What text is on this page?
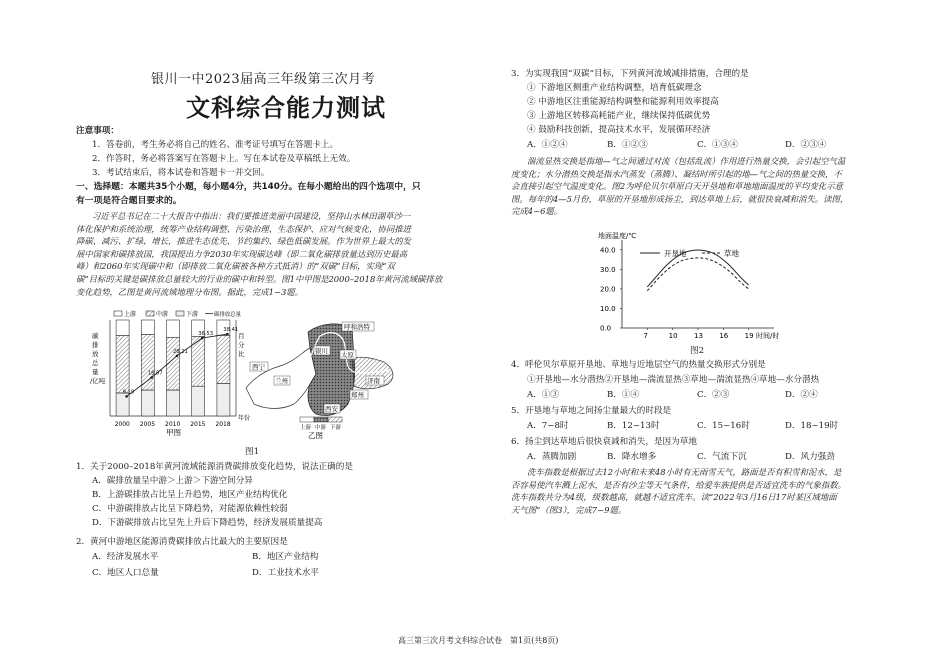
银川一中2023届高三年级第三次月考
文科综合能力测试
注意事项：
1．答卷前，考生务必将自己的姓名、准考证号填写在答题卡上。
2．作答时，务必将答案写在答题卡上。写在本试卷及草稿纸上无效。
3．考试结束后，将本试卷和答题卡一并交回。
一、选择题：本题共35个小题，每小题4分，共140分。在每小题给出的四个选项中，只
有一项是符合题目要求的。
习近平总书记在二十大报告中指出：我们要推进美丽中国建设，坚持山水林田湖草沙一
体化保护和系统治理，统筹产业结构调整、污染治理、生态保护、应对气候变化，协同推进
降碳、减污、扩绿、增长，推进生态优先、节约集约、绿色低碳发展。作为世界上最大的发
展中国家和碳排放国，我国提出力争2030年实现碳达峰（即二氧化碳排放量达到历史最高
峰）和2060年实现碳中和（即排放二氧化碳被各种方式抵消）的“双碳”目标，实现“双
碳”目标的关键是碳排放总量较大的行业的碳中和转型。图1中甲图是2000–2018年黄河流域碳排放
变化趋势，乙图是黄河流域地理分布图。据此，完成1~3题。
上游	中游	下游	碳排放总量
碳排放总量/亿吨
百分比
2000 2005 2010 2015 2018
9.19
18.07
28.21
36.53
38.41
年份
甲图
呼和浩特
银川 太原
西宁
兰州	济南
郑州
西安
上游 中游 下游
乙图
图1
1．关于2000–2018年黄河流域能源消费碳排放变化趋势，说法正确的是
A．碳排放量呈中游＞上游＞下游空间分异
B．上游碳排放占比呈上升趋势，地区产业结构优化
C．中游碳排放占比呈下降趋势，对能源依赖性较弱
D．下游碳排放占比呈先上升后下降趋势，经济发展质量提高
2．黄河中游地区能源消费碳排放占比最大的主要原因是
A．经济发展水平	B．地区产业结构
C．地区人口总量	D．工业技术水平
3．为实现我国“双碳”目标，下列黄河流域减排措施，合理的是
① 下游地区侧重产业结构调整，培育低碳理念
② 中游地区注重能源结构调整和能源利用效率提高
③ 上游地区转移高耗能产业，继续保持低碳优势
④ 鼓励科技创新，提高技术水平，发展循环经济
A．①②④	B．①②③	C．①③④	D．②③④
湍流显热交换是指地—气之间通过对流（包括乱流）作用进行热量交换，会引起空气温
度变化；水分潜热交换是指水汽蒸发（蒸腾）、凝结时所引起的地—气之间的热量交换，不
会直接引起空气温度变化。图2为呼伦贝尔草原白天开垦地和草地地面温度的平均变化示意
图。每年的4—5月份，草原的开垦地形成扬尘，到达草地上后，就很快衰减和消失。读图，
完成4~6题。
地面温度/℃
0.0
10.0
20.0
30.0
40.0
7	10 13 16 19
开垦地	草地
时间/时
图2
4．呼伦贝尔草原开垦地、草地与近地层空气的热量交换形式分别是
①开垦地—水分潜热②开垦地—湍流显热③草地—湍流显热④草地—水分潜热
A．①③	B．①④	C．②③	D．②④
5．开垦地与草地之间扬尘量最大的时段是
A．7~8时	B．12~13时	C．15~16时	D．18~19时
6．扬尘到达草地后很快衰减和消失，是因为草地
A．蒸腾加剧	B．降水增多	C．气流下沉	D．风力强劲
洗车指数是根据过去12小时和未来48小时有无雨雪天气，路面是否有积雪和泥水，是
否容易使汽车溅上泥水，是否有沙尘等天气条件，给爱车族提供是否适宜洗车的气象指数。
洗车指数共分为4级，级数越高，就越不适宜洗车。读“2022年3月16日17时某区域地面
天气图”（图3），完成7~9题。
高三第三次月考文科综合试卷　第1页(共8页)
